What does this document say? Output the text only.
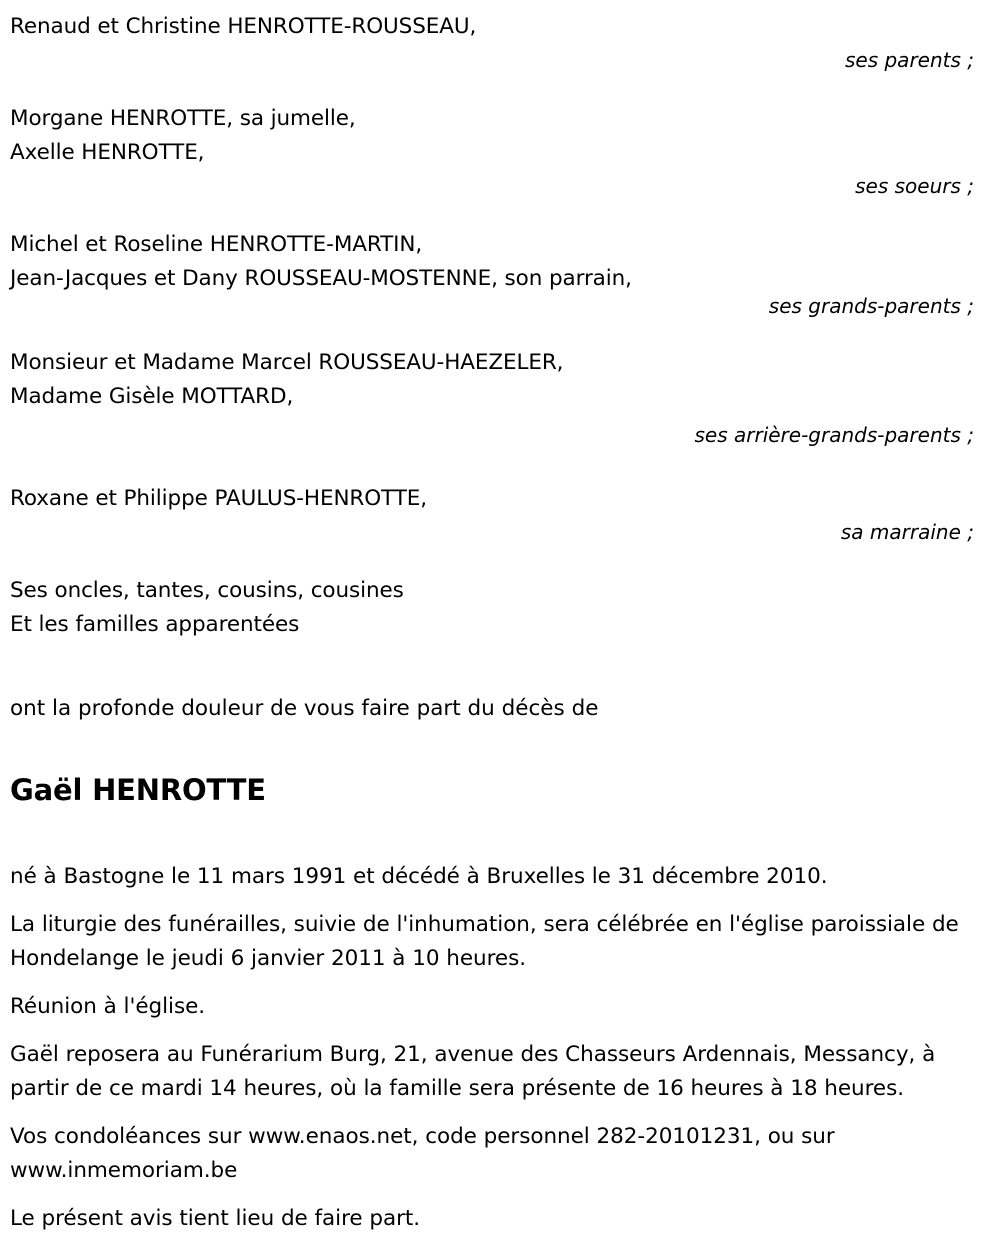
Renaud et Christine HENROTTE-ROUSSEAU,
ses parents ;
Morgane HENROTTE, sa jumelle,
Axelle HENROTTE,
ses soeurs ;
Michel et Roseline HENROTTE-MARTIN,
Jean-Jacques et Dany ROUSSEAU-MOSTENNE, son parrain,
ses grands-parents ;
Monsieur et Madame Marcel ROUSSEAU-HAEZELER,
Madame Gisèle MOTTARD,
ses arrière-grands-parents ;
Roxane et Philippe PAULUS-HENROTTE,
sa marraine ;
Ses oncles, tantes, cousins, cousines
Et les familles apparentées

ont la profonde douleur de vous faire part du décès de

Gaël HENROTTE

né à Bastogne le 11 mars 1991 et décédé à Bruxelles le 31 décembre 2010.

La liturgie des funérailles, suivie de l'inhumation, sera célébrée en l'église paroissiale de Hondelange le jeudi 6 janvier 2011 à 10 heures.

Réunion à l'église.

Gaël reposera au Funérarium Burg, 21, avenue des Chasseurs Ardennais, Messancy, à partir de ce mardi 14 heures, où la famille sera présente de 16 heures à 18 heures.

Vos condoléances sur www.enaos.net, code personnel 282-20101231, ou sur www.inmemoriam.be

Le présent avis tient lieu de faire part.
